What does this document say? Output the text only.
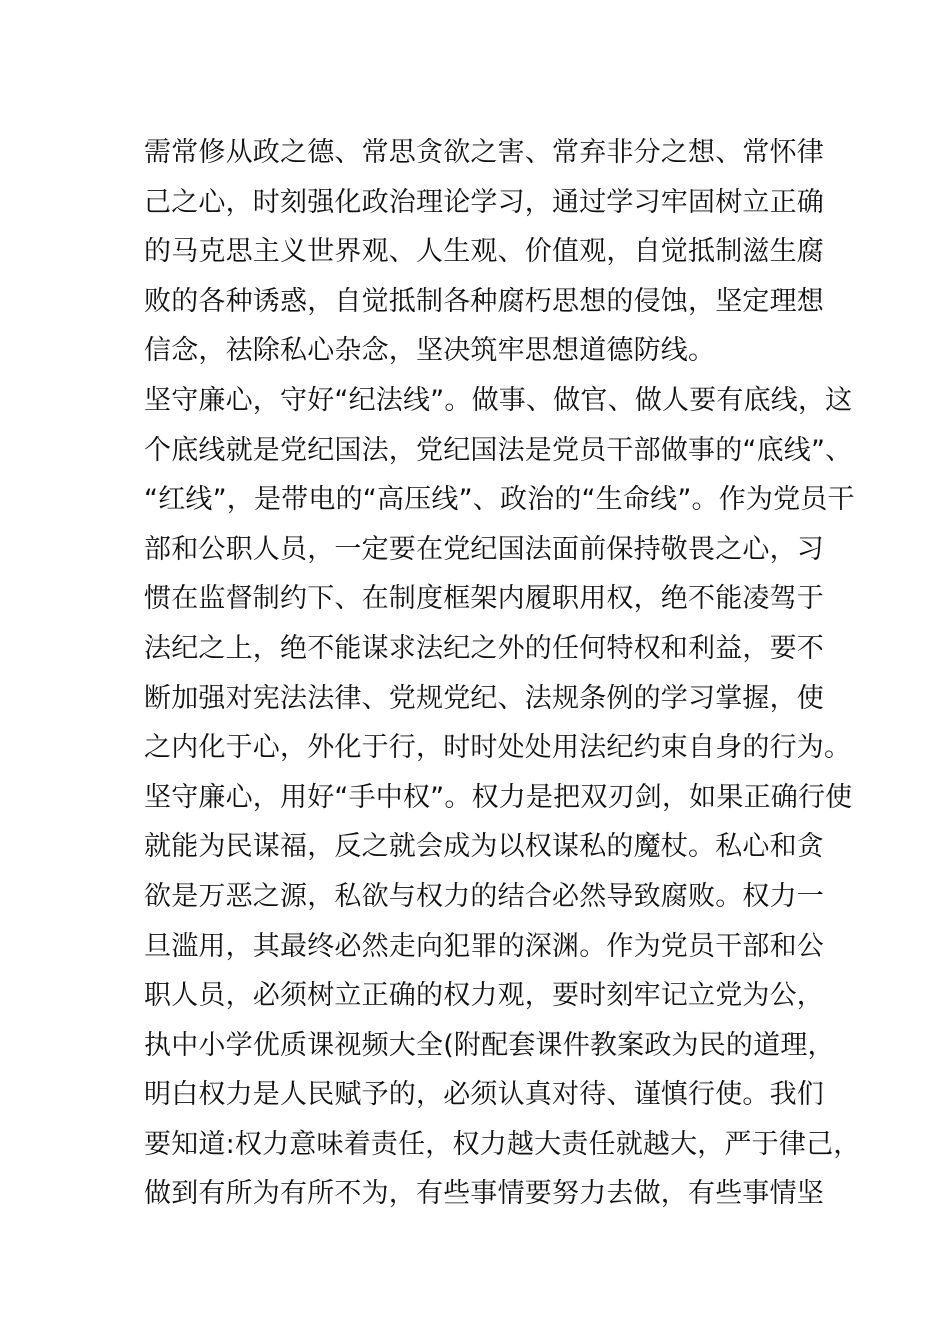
需常修从政之德、常思贪欲之害、常弃非分之想、常怀律
己之心，时刻强化政治理论学习，通过学习牢固树立正确
的马克思主义世界观、人生观、价值观，自觉抵制滋生腐
败的各种诱惑，自觉抵制各种腐朽思想的侵蚀，坚定理想
信念，祛除私心杂念，坚决筑牢思想道德防线。
坚守廉心，守好“纪法线”。做事、做官、做人要有底线，这
个底线就是党纪国法，党纪国法是党员干部做事的“底线”、
“红线”，是带电的“高压线”、政治的“生命线”。作为党员干
部和公职人员，一定要在党纪国法面前保持敬畏之心，习
惯在监督制约下、在制度框架内履职用权，绝不能凌驾于
法纪之上，绝不能谋求法纪之外的任何特权和利益，要不
断加强对宪法法律、党规党纪、法规条例的学习掌握，使
之内化于心，外化于行，时时处处用法纪约束自身的行为。
坚守廉心，用好“手中权”。权力是把双刃剑，如果正确行使
就能为民谋福，反之就会成为以权谋私的魔杖。私心和贪
欲是万恶之源，私欲与权力的结合必然导致腐败。权力一
旦滥用，其最终必然走向犯罪的深渊。作为党员干部和公
职人员，必须树立正确的权力观，要时刻牢记立党为公，
执中小学优质课视频大全(附配套课件教案政为民的道理，
明白权力是人民赋予的，必须认真对待、谨慎行使。我们
要知道:权力意味着责任，权力越大责任就越大，严于律己，
做到有所为有所不为，有些事情要努力去做，有些事情坚
